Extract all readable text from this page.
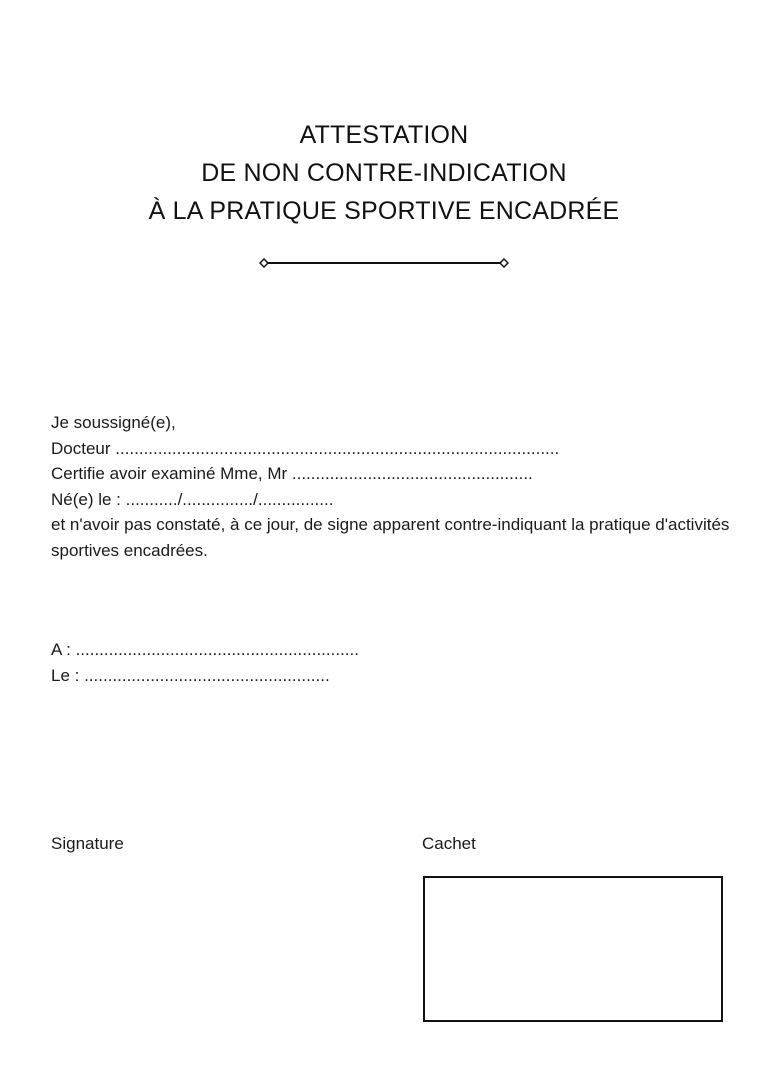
ATTESTATION
DE NON CONTRE-INDICATION
À LA PRATIQUE SPORTIVE ENCADRÉE
Je soussigné(e),
Docteur ..............................................................................................
Certifie avoir examiné Mme, Mr ...................................................
Né(e) le : .........../.............../................
et n'avoir pas constaté, à ce jour, de signe apparent contre-indiquant la pratique d'activités sportives encadrées.
A : ............................................................
Le : ....................................................
Signature	Cachet
